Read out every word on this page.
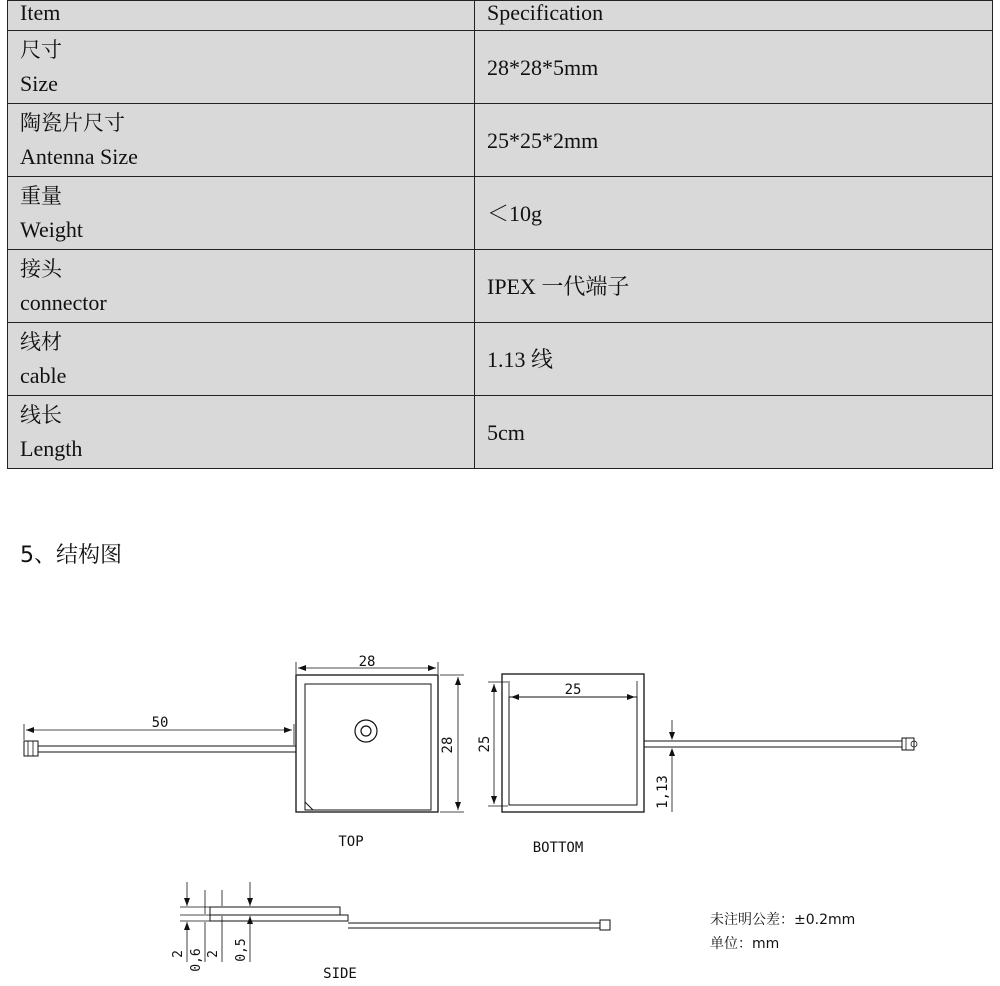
Item	Specification

尺寸
Size	28*28*5mm

陶瓷片尺寸
Antenna Size	25*25*2mm

重量
Weight	＜10g

接头
connector	IPEX 一代端子

线材
cable	1.13 线

线长
Length	5cm
5、结构图
28
28
50
TOP
25
25
1,13
BOTTOM
2 0,6 2 0,5
SIDE
未注明公差：±0.2mm
单位：mm
